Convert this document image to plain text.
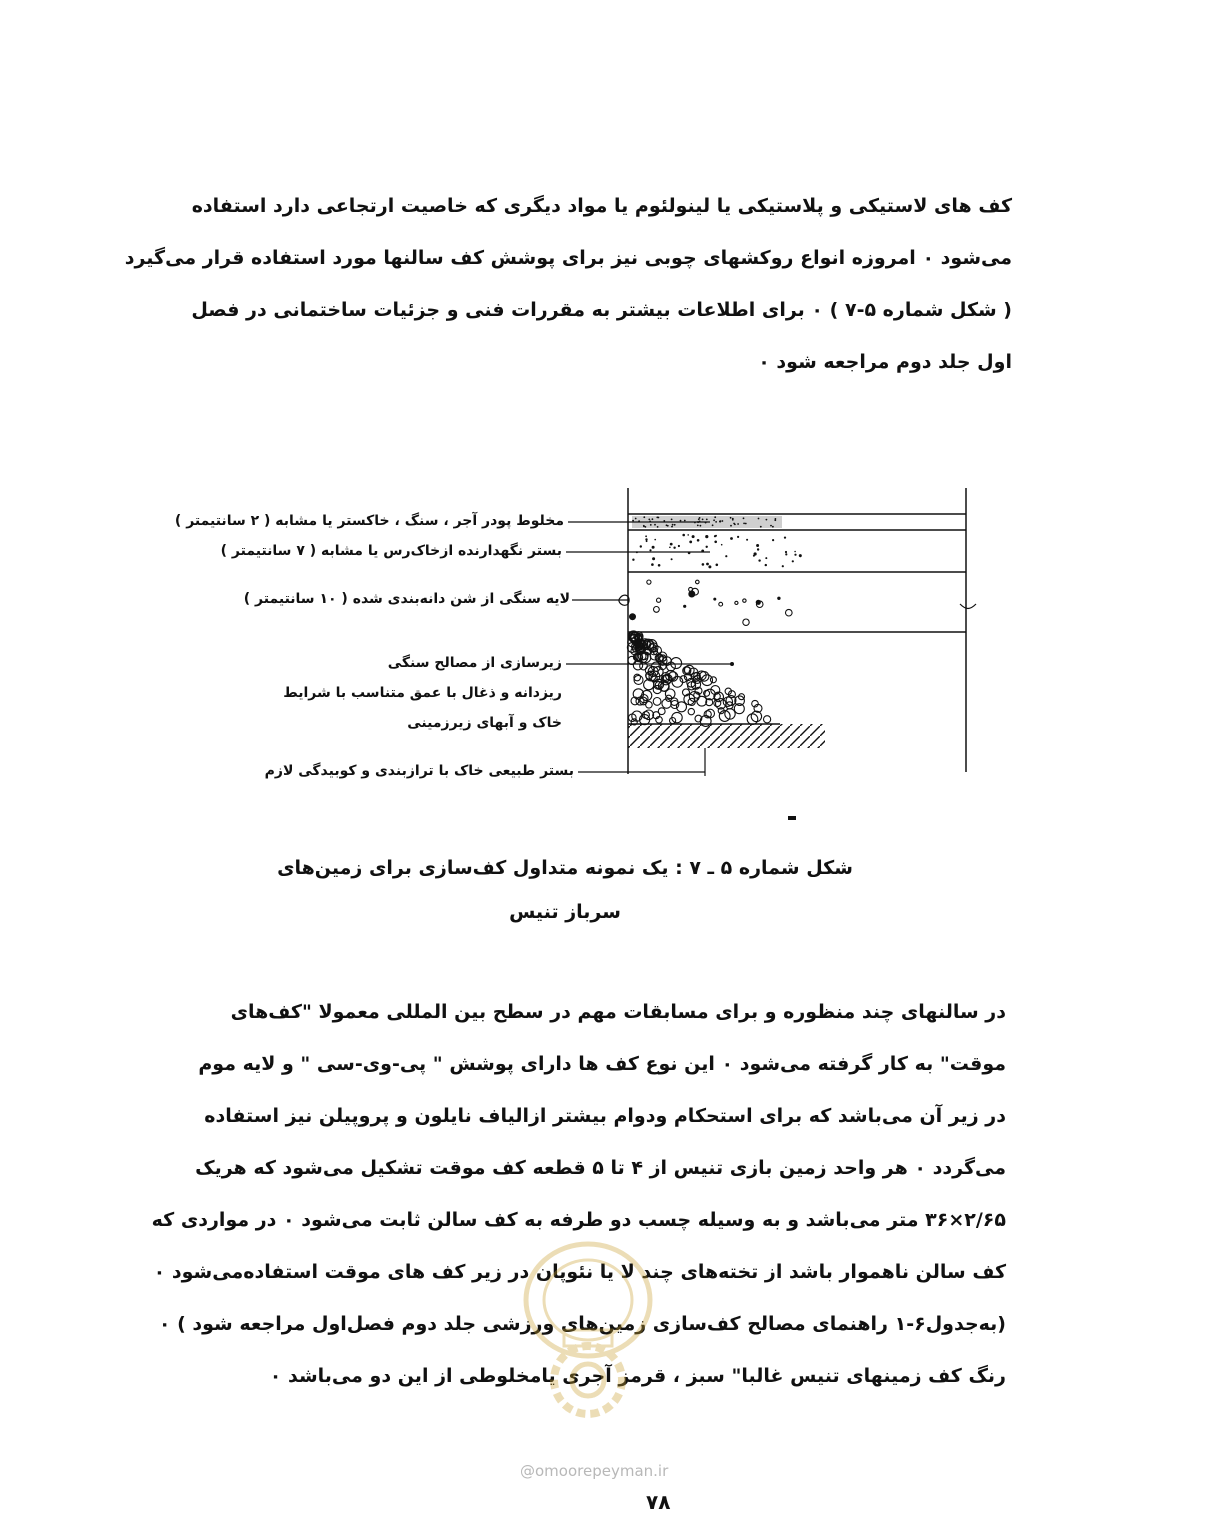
کف های لاستیکی و پلاستیکی یا لینولئوم یا مواد دیگری که خاصیت ارتجاعی دارد استفاده
می‌شود ۰ امروزه انواع روکشهای چوبی نیز برای پوشش کف سالنها مورد استفاده قرار می‌گیرد
( شکل شماره ۵-۷ ) ۰ برای اطلاعات بیشتر به مقررات فنی و جزئیات ساختمانی در فصل
اول جلد دوم مراجعه شود ۰
مخلوط پودر آجر ، سنگ ، خاکستر یا مشابه ( ۲ سانتیمتر )
بستر نگهدارنده ازخاک‌رس یا مشابه ( ۷ سانتیمتر )
لایه سنگی از شن دانه‌بندی شده ( ۱۰ سانتیمتر )
زیرسازی از مصالح سنگی
ریزدانه و ذغال با عمق متناسب با شرایط
خاک و آبهای زیرزمینی
بستر طبیعی خاک با ترازبندی و کوبیدگی لازم
شکل شماره ۵ ـ ۷ : یک نمونه متداول کف‌سازی برای زمین‌های
سرباز تنیس
در سالنهای چند منظوره و برای مسابقات مهم در سطح بین المللی معمولا "کف‌های
موقت" به کار گرفته می‌شود ۰ این نوع کف ها دارای پوشش " پی-وی-سی " و لایه موم
در زیر آن می‌باشد که برای استحکام ودوام بیشتر ازالیاف نایلون و پروپیلن نیز استفاده
می‌گردد ۰ هر واحد زمین بازی تنیس از ۴ تا ۵ قطعه کف موقت تشکیل می‌شود که هریک
۲/۶۵×۳۶ متر می‌باشد و به وسیله چسب دو طرفه به کف سالن ثابت می‌شود ۰ در مواردی که
کف سالن ناهموار باشد از تخته‌های چند لا یا نئوپان در زیر کف های موقت استفاده‌می‌شود ۰
(به‌جدول۶-۱ راهنمای مصالح کف‌سازی زمین‌های ورزشی جلد دوم فصل‌اول مراجعه شود ) ۰
رنگ کف زمینهای تنیس غالبا" سبز ، قرمز آجری یامخلوطی از این دو می‌باشد ۰
@omoorepeyman.ir
۷۸
